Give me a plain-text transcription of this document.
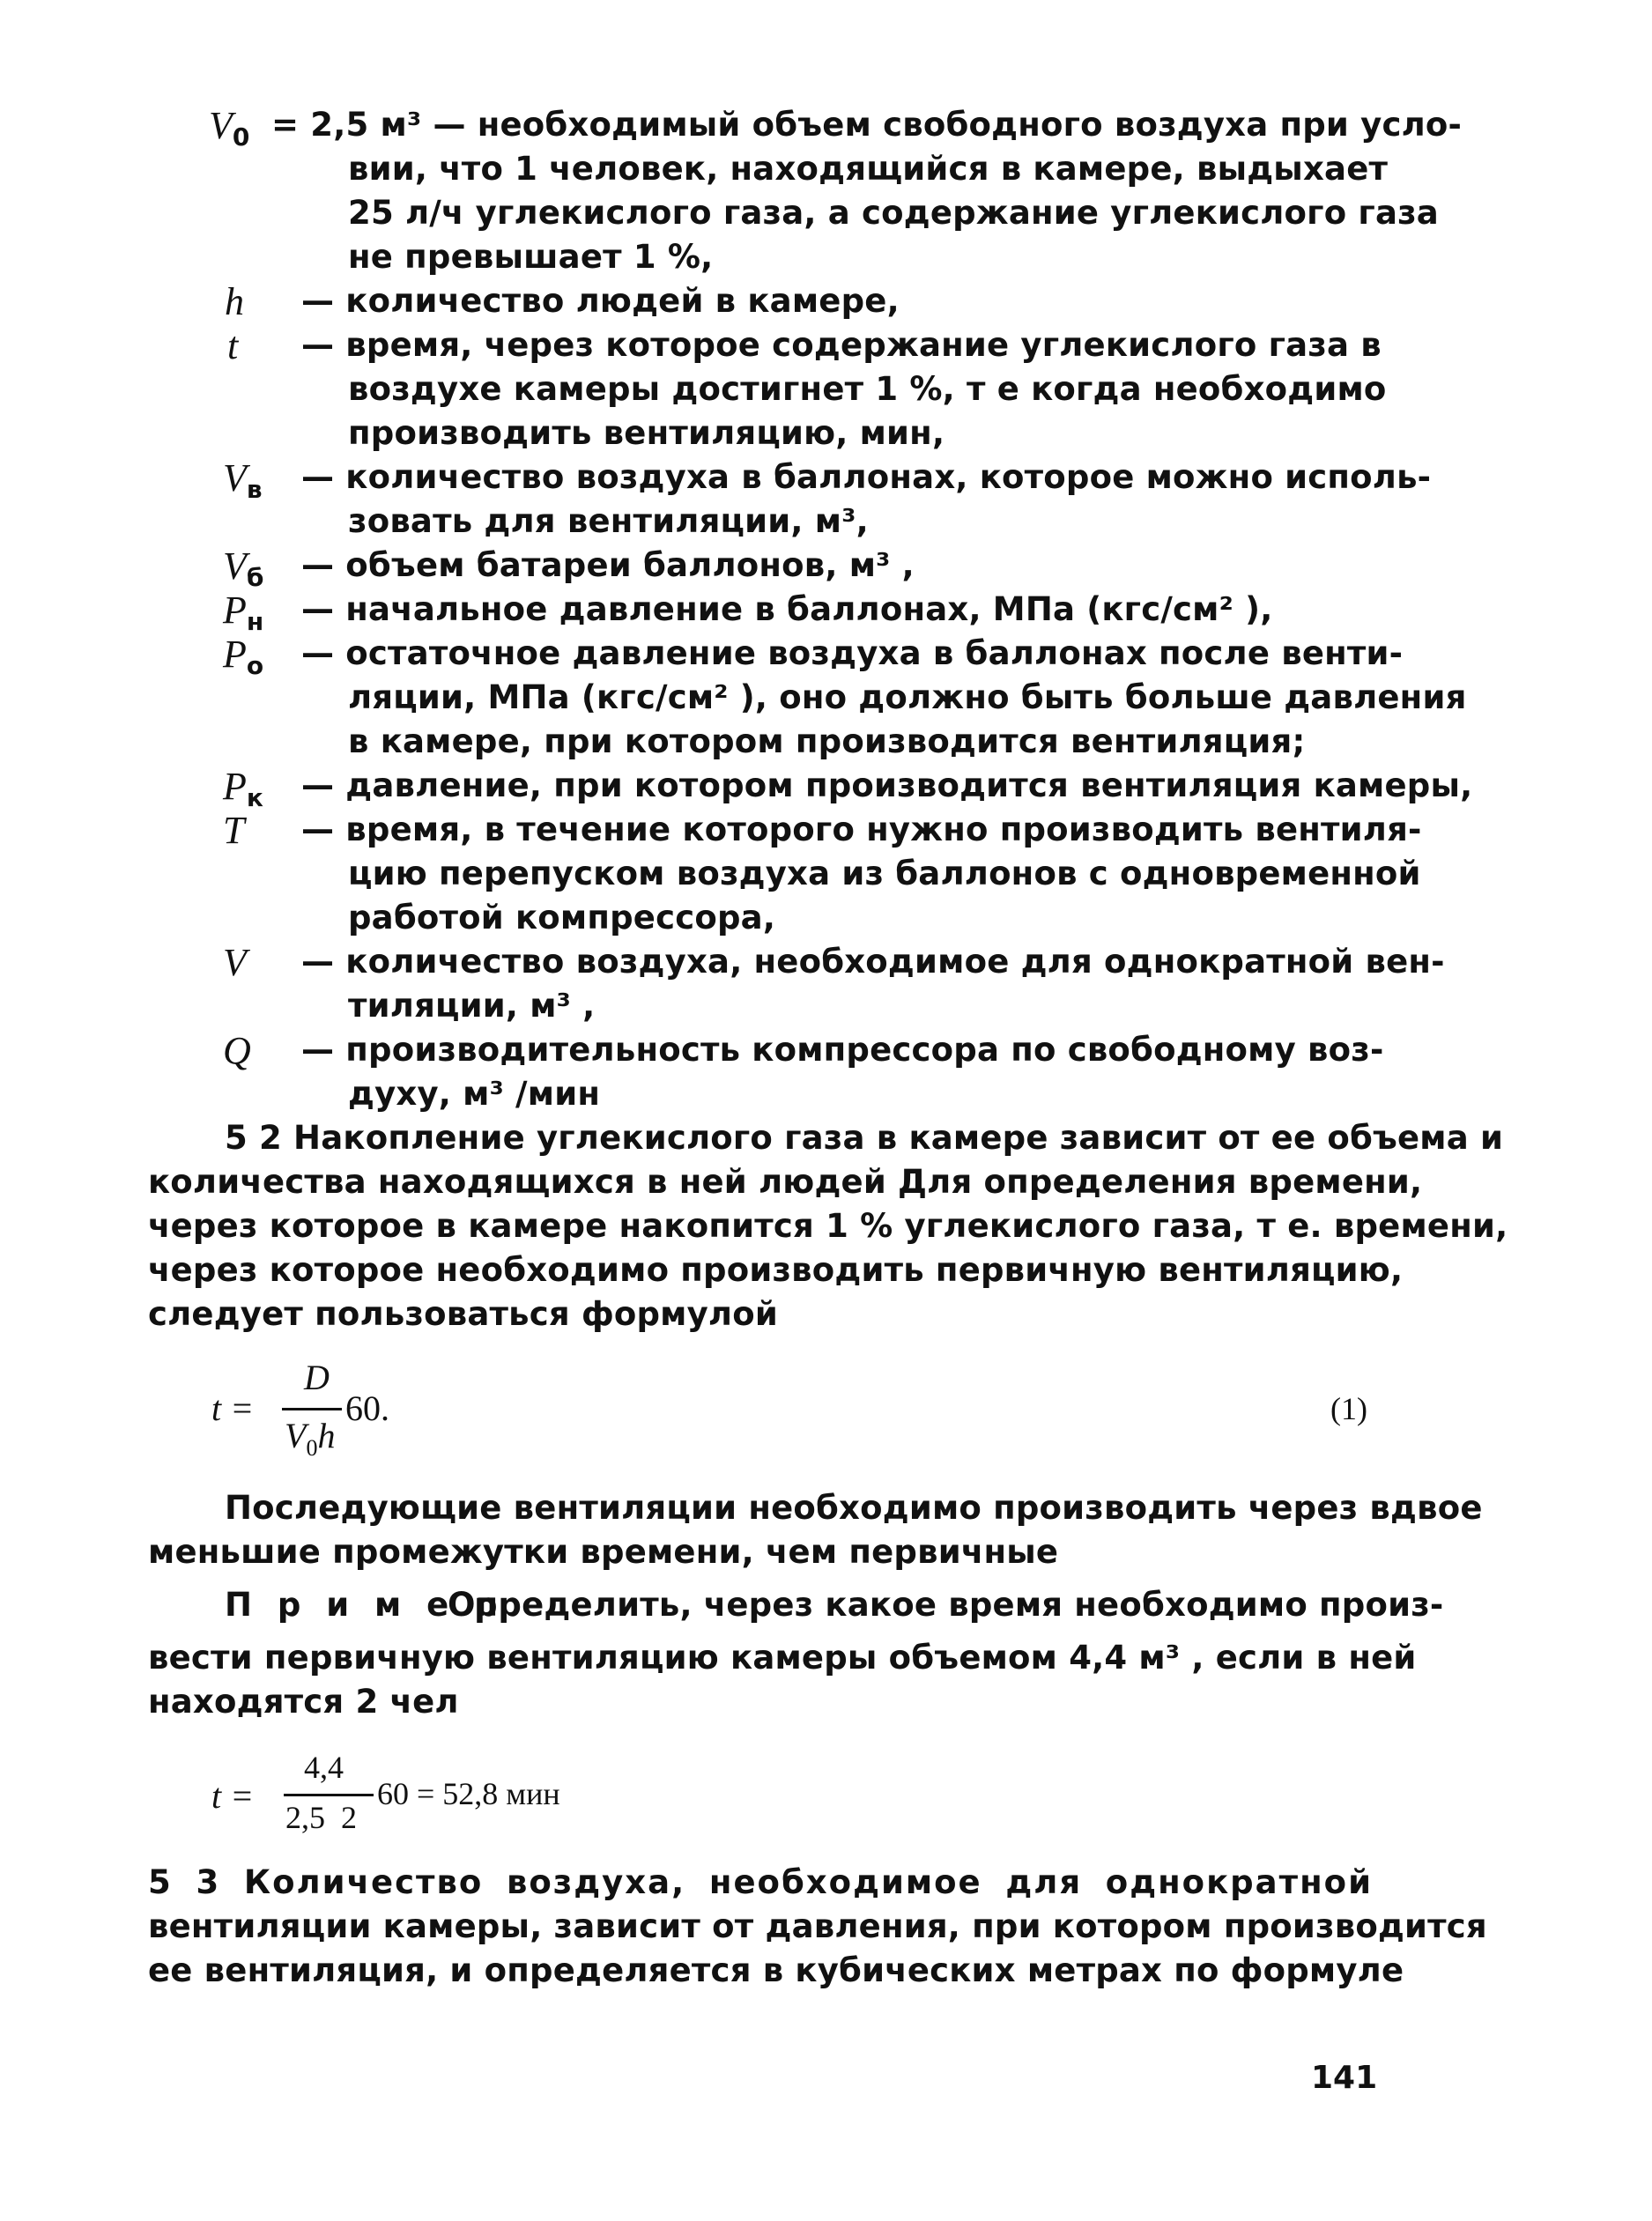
$V_0 = 2,5$ м³ — необходимый объем свободного воздуха при усло-
вии, что 1 человек, находящийся в камере, выдыхает
25 л/ч углекислого газа, а содержание углекислого газа
не превышает 1 %,
h — количество людей в камере,
t — время, через которое содержание углекислого газа в
воздухе камеры достигнет 1 %, т е когда необходимо
производить вентиляцию, мин,
$V_в$ — количество воздуха в баллонах, которое можно исполь-
зовать для вентиляции, м³,
$V_б$ — объем батареи баллонов, м³ ,
$P_н$ — начальное давление в баллонах, МПа (кгс/см² ),
$P_о$ — остаточное давление воздуха в баллонах после венти-
ляции, МПа (кгс/см² ), оно должно быть больше давления
в камере, при котором производится вентиляция;
$P_к$ — давление, при котором производится вентиляция камеры,
T — время, в течение которого нужно производить вентиля-
цию перепуском воздуха из баллонов с одновременной
работой компрессора,
V — количество воздуха, необходимое для однократной вен-
тиляции, м³ ,
Q — производительность компрессора по свободному воз-
духу, м³ /мин
5 2 Накопление углекислого газа в камере зависит от ее объема и
количества находящихся в ней людей Для определения времени,
через которое в камере накопится 1 % углекислого газа, т е. времени,
через которое необходимо производить первичную вентиляцию,
следует пользоваться формулой
t =
D
$V_0h$
60.	(1)
Последующие вентиляции необходимо производить через вдвое
меньшие промежутки времени, чем первичные
П р и м е р
Определить, через какое время необходимо произ-
вести первичную вентиляцию камеры объемом 4,4 м³ , если в ней
находятся 2 чел
t =
4,4
2,5  2
60 = 52,8 мин
5 3 Количество воздуха, необходимое для однократной
вентиляции камеры, зависит от давления, при котором производится
ее вентиляция, и определяется в кубических метрах по формуле
141
